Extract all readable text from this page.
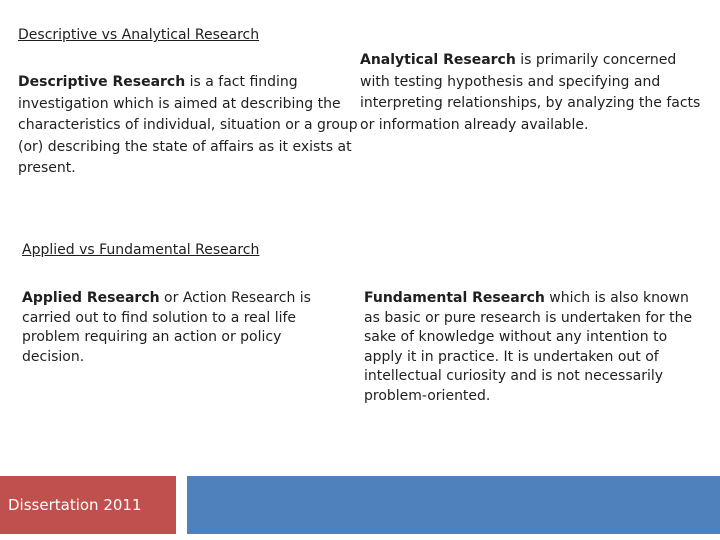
Descriptive vs Analytical Research

Descriptive Research is a fact finding investigation which is aimed at describing the characteristics of individual, situation or a group (or) describing the state of affairs as it exists at present.

Analytical Research is primarily concerned with testing hypothesis and specifying and interpreting relationships, by analyzing the facts or information already available.

Applied vs Fundamental Research

Applied Research or Action Research is carried out to find solution to a real life problem requiring an action or policy decision.

Fundamental Research which is also known as basic or pure research is undertaken for the sake of knowledge without any intention to apply it in practice. It is undertaken out of intellectual curiosity and is not necessarily problem-oriented.

Dissertation 2011
